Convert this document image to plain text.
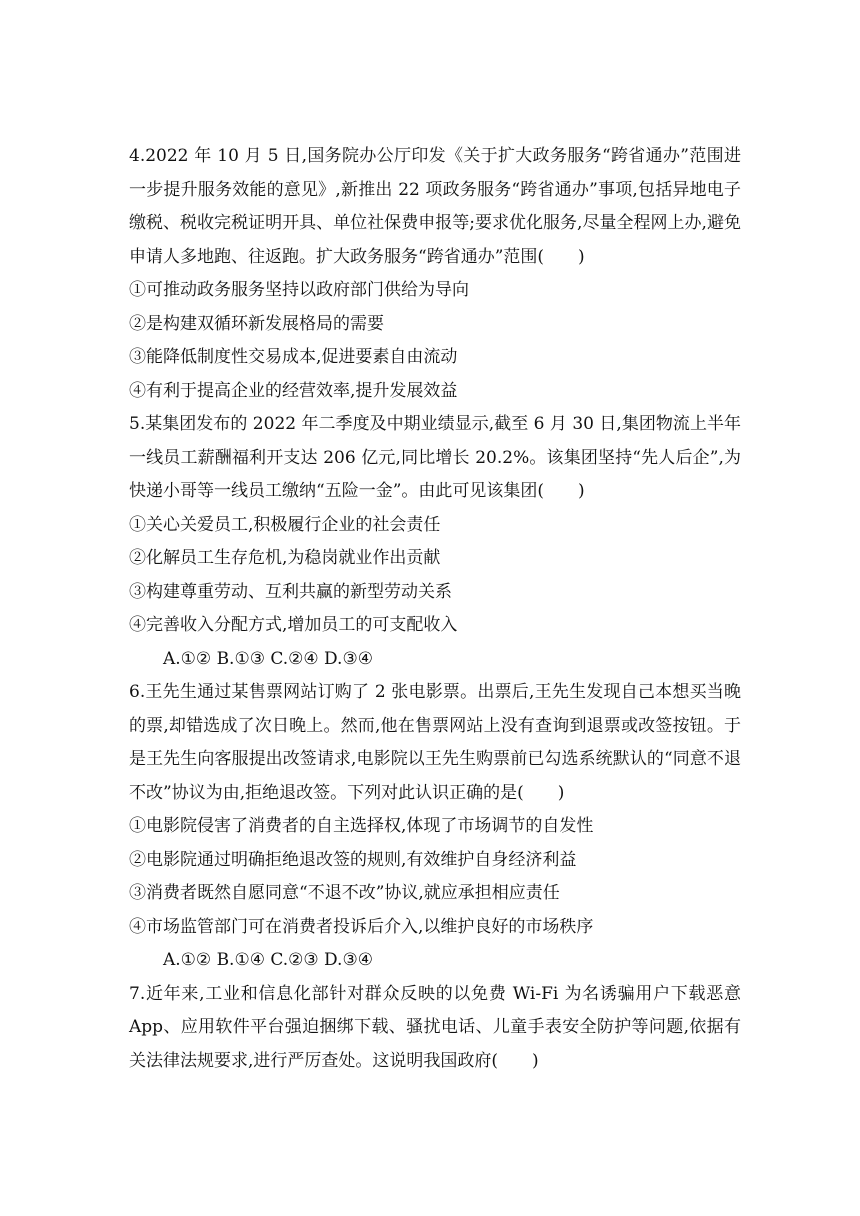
4.2022 年 10 月 5 日,国务院办公厅印发《关于扩大政务服务“跨省通办”范围进一步提升服务效能的意见》,新推出 22 项政务服务“跨省通办”事项,包括异地电子缴税、税收完税证明开具、单位社保费申报等;要求优化服务,尽量全程网上办,避免申请人多地跑、往返跑。扩大政务服务“跨省通办”范围(　　)

①可推动政务服务坚持以政府部门供给为导向

②是构建双循环新发展格局的需要

③能降低制度性交易成本,促进要素自由流动

④有利于提高企业的经营效率,提升发展效益

5.某集团发布的 2022 年二季度及中期业绩显示,截至 6 月 30 日,集团物流上半年一线员工薪酬福利开支达 206 亿元,同比增长 20.2%。该集团坚持“先人后企”,为快递小哥等一线员工缴纳“五险一金”。由此可见该集团(　　)

①关心关爱员工,积极履行企业的社会责任

②化解员工生存危机,为稳岗就业作出贡献

③构建尊重劳动、互利共赢的新型劳动关系

④完善收入分配方式,增加员工的可支配收入

A.①② B.①③ C.②④ D.③④

6.王先生通过某售票网站订购了 2 张电影票。出票后,王先生发现自己本想买当晚的票,却错选成了次日晚上。然而,他在售票网站上没有查询到退票或改签按钮。于是王先生向客服提出改签请求,电影院以王先生购票前已勾选系统默认的“同意不退不改”协议为由,拒绝退改签。下列对此认识正确的是(　　)

①电影院侵害了消费者的自主选择权,体现了市场调节的自发性

②电影院通过明确拒绝退改签的规则,有效维护自身经济利益

③消费者既然自愿同意“不退不改”协议,就应承担相应责任

④市场监管部门可在消费者投诉后介入,以维护良好的市场秩序

A.①② B.①④ C.②③ D.③④

7.近年来,工业和信息化部针对群众反映的以免费 Wi-Fi 为名诱骗用户下载恶意 App、应用软件平台强迫捆绑下载、骚扰电话、儿童手表安全防护等问题,依据有关法律法规要求,进行严厉查处。这说明我国政府(　　)
